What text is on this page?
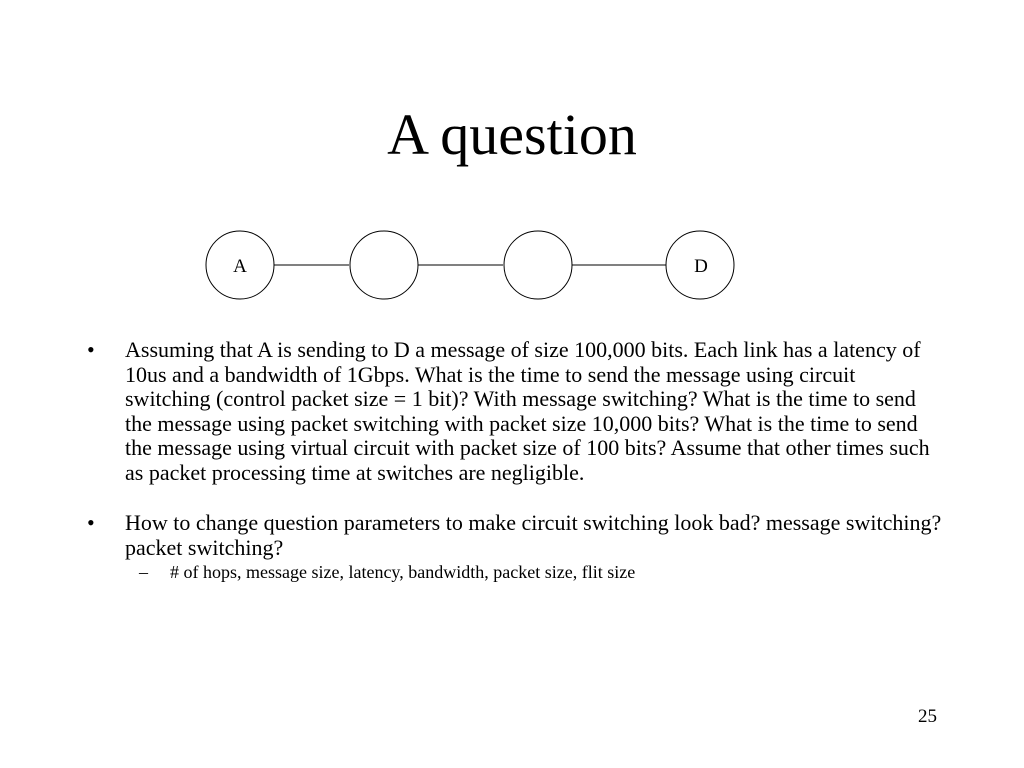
A question
A	D
• Assuming that A is sending to D a message of size 100,000 bits. Each link has a latency of 10us and a bandwidth of 1Gbps. What is the time to send the message using circuit switching (control packet size = 1 bit)? With message switching? What is the time to send the message using packet switching with packet size 10,000 bits? What is the time to send the message using virtual circuit with packet size of 100 bits? Assume that other times such as packet processing time at switches are negligible.
• How to change question parameters to make circuit switching look bad? message switching? packet switching?
– # of hops, message size, latency, bandwidth, packet size, flit size
25
